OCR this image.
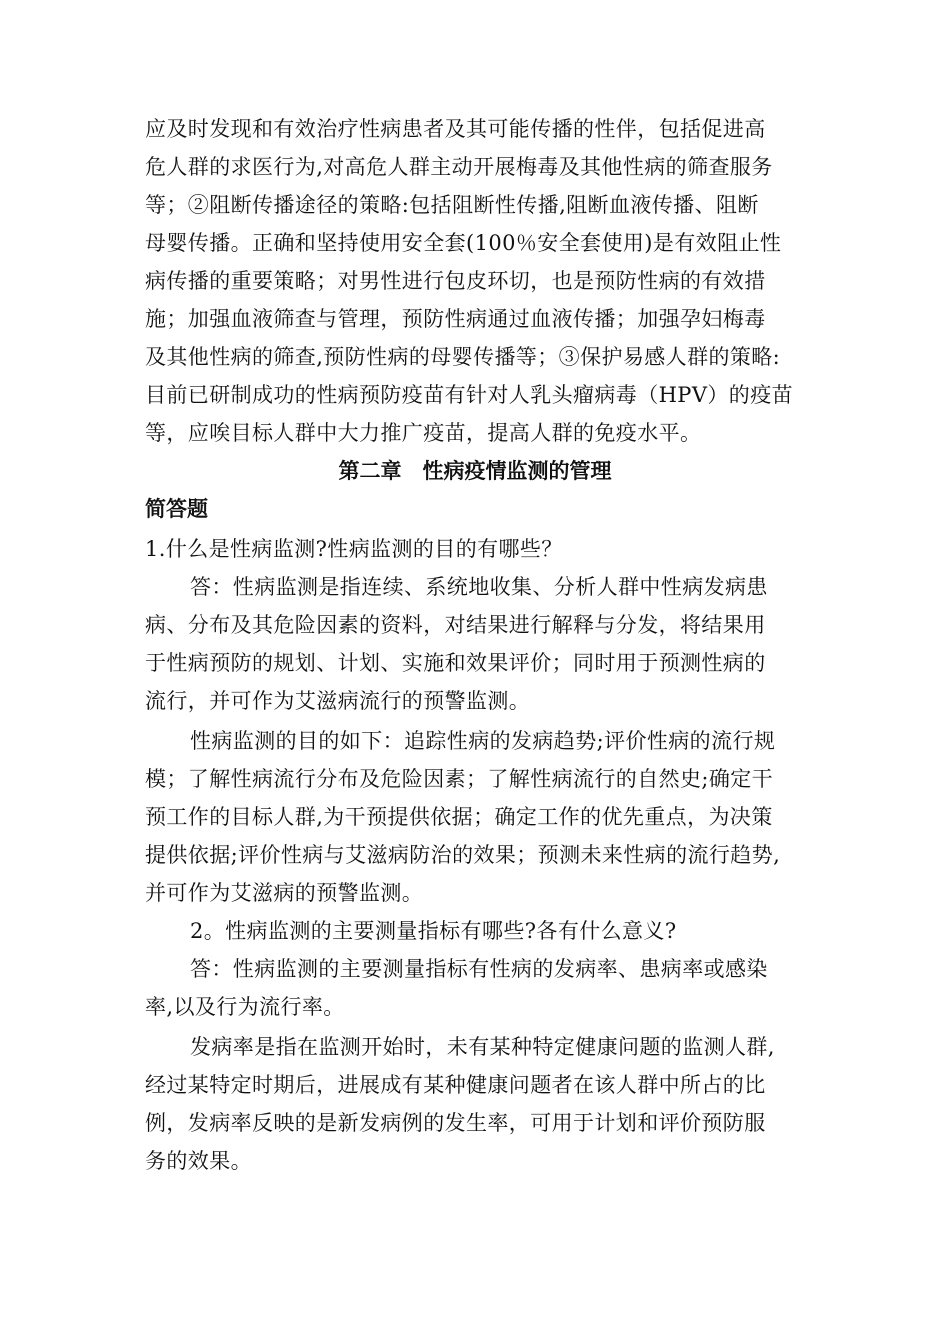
应及时发现和有效治疗性病患者及其可能传播的性伴，包括促进高
危人群的求医行为,对高危人群主动开展梅毒及其他性病的筛查服务
等；②阻断传播途径的策略:包括阻断性传播,阻断血液传播、阻断
母婴传播。正确和坚持使用安全套(100％安全套使用)是有效阻止性
病传播的重要策略；对男性进行包皮环切，也是预防性病的有效措
施；加强血液筛查与管理，预防性病通过血液传播；加强孕妇梅毒
及其他性病的筛查,预防性病的母婴传播等；③保护易感人群的策略:
目前已研制成功的性病预防疫苗有针对人乳头瘤病毒（HPV）的疫苗
等，应唉目标人群中大力推广疫苗，提高人群的免疫水平。
第二章　性病疫情监测的管理
简答题
1.什么是性病监测?性病监测的目的有哪些？
答：性病监测是指连续、系统地收集、分析人群中性病发病患
病、分布及其危险因素的资料，对结果进行解释与分发，将结果用
于性病预防的规划、计划、实施和效果评价；同时用于预测性病的
流行，并可作为艾滋病流行的预警监测。
性病监测的目的如下：追踪性病的发病趋势;评价性病的流行规
模；了解性病流行分布及危险因素；了解性病流行的自然史;确定干
预工作的目标人群,为干预提供依据；确定工作的优先重点，为决策
提供依据;评价性病与艾滋病防治的效果；预测未来性病的流行趋势,
并可作为艾滋病的预警监测。
2。性病监测的主要测量指标有哪些?各有什么意义?
答：性病监测的主要测量指标有性病的发病率、患病率或感染
率,以及行为流行率。
发病率是指在监测开始时，未有某种特定健康问题的监测人群,
经过某特定时期后，进展成有某种健康问题者在该人群中所占的比
例，发病率反映的是新发病例的发生率，可用于计划和评价预防服
务的效果。
